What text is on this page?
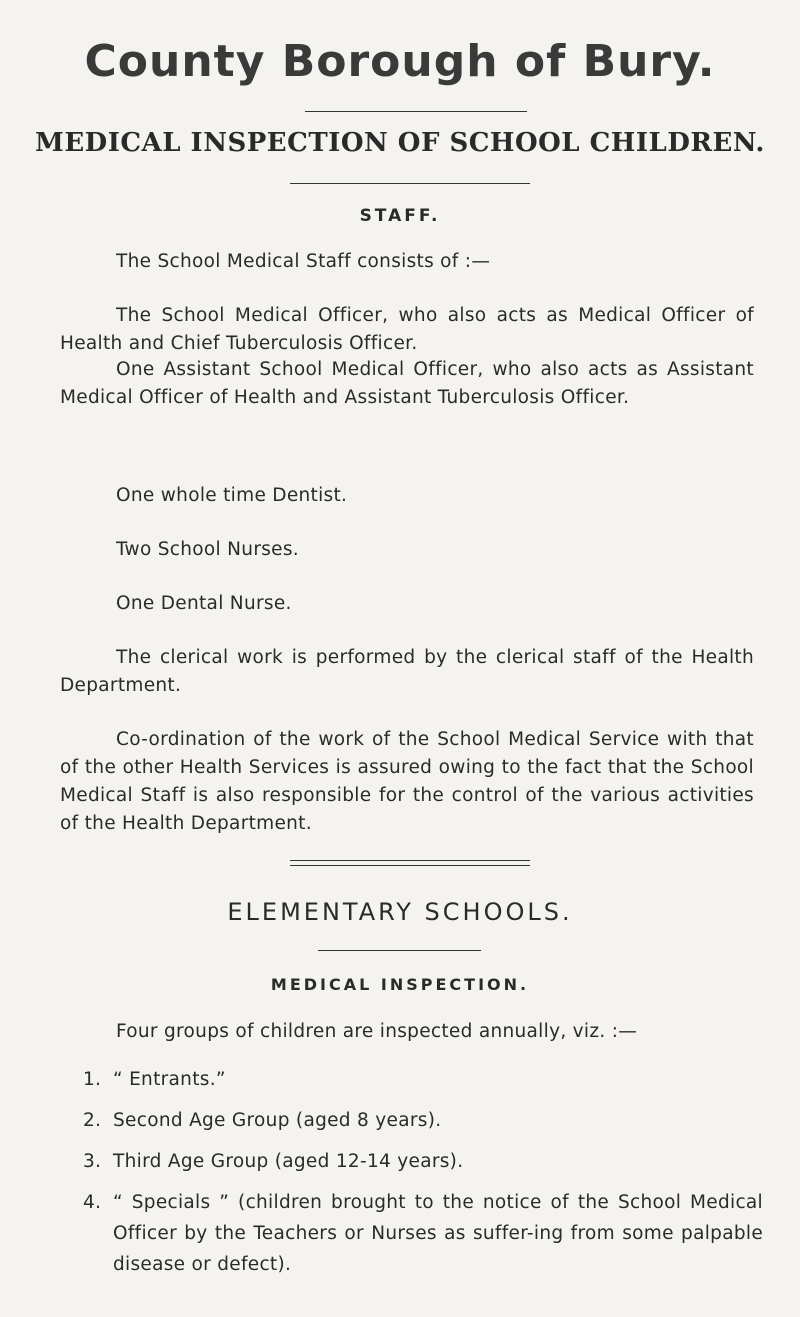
County Borough of Bury.
MEDICAL INSPECTION OF SCHOOL CHILDREN.
STAFF.
The School Medical Staff consists of :—
The School Medical Officer, who also acts as Medical Officer of Health and Chief Tuberculosis Officer.
One Assistant School Medical Officer, who also acts as Assistant Medical Officer of Health and Assistant Tuberculosis Officer.
One whole time Dentist.
Two School Nurses.
One Dental Nurse.
The clerical work is performed by the clerical staff of the Health Department.
Co-ordination of the work of the School Medical Service with that of the other Health Services is assured owing to the fact that the School Medical Staff is also responsible for the control of the various activities of the Health Department.
ELEMENTARY SCHOOLS.
MEDICAL INSPECTION.
Four groups of children are inspected annually, viz. :—
1. “ Entrants.”
2. Second Age Group (aged 8 years).
3. Third Age Group (aged 12-14 years).
4. “ Specials ” (children brought to the notice of the School Medical Officer by the Teachers or Nurses as suffer-ing from some palpable disease or defect).
